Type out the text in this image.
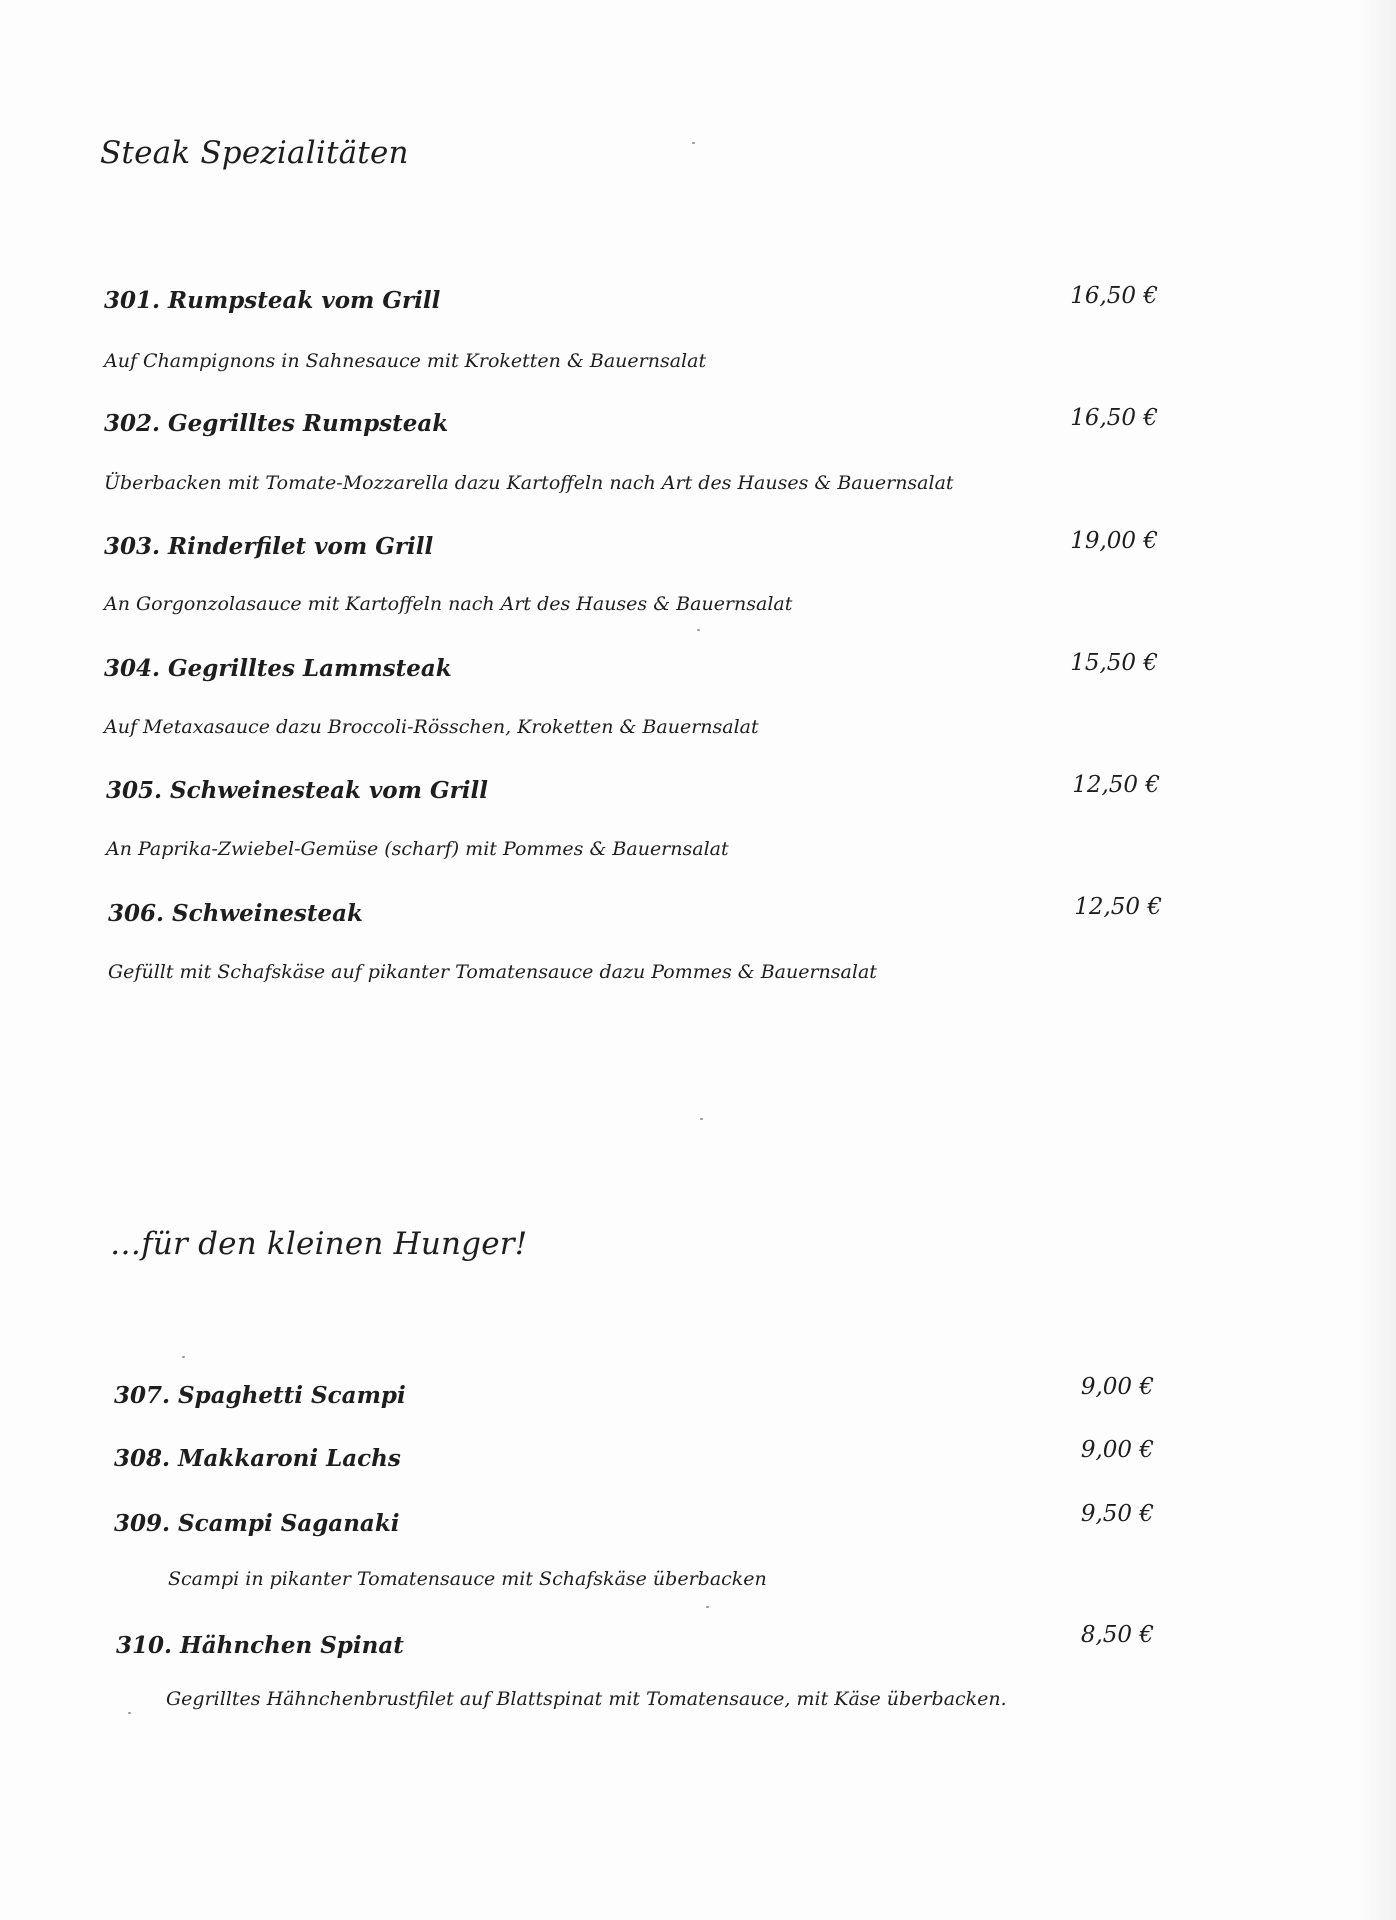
Steak Spezialitäten
301. Rumpsteak vom Grill	16,50 €
Auf Champignons in Sahnesauce mit Kroketten & Bauernsalat
302. Gegrilltes Rumpsteak	16,50 €
Überbacken mit Tomate-Mozzarella dazu Kartoffeln nach Art des Hauses & Bauernsalat
303. Rinderfilet vom Grill	19,00 €
An Gorgonzolasauce mit Kartoffeln nach Art des Hauses & Bauernsalat
304. Gegrilltes Lammsteak	15,50 €
Auf Metaxasauce dazu Broccoli-Rösschen, Kroketten & Bauernsalat
305. Schweinesteak vom Grill	12,50 €
An Paprika-Zwiebel-Gemüse (scharf) mit Pommes & Bauernsalat
306. Schweinesteak	12,50 €
Gefüllt mit Schafskäse auf pikanter Tomatensauce dazu Pommes & Bauernsalat
…für den kleinen Hunger!
307. Spaghetti Scampi	9,00 €
308. Makkaroni Lachs	9,00 €
309. Scampi Saganaki	9,50 €
Scampi in pikanter Tomatensauce mit Schafskäse überbacken
310. Hähnchen Spinat	8,50 €
Gegrilltes Hähnchenbrustfilet auf Blattspinat mit Tomatensauce, mit Käse überbacken.
